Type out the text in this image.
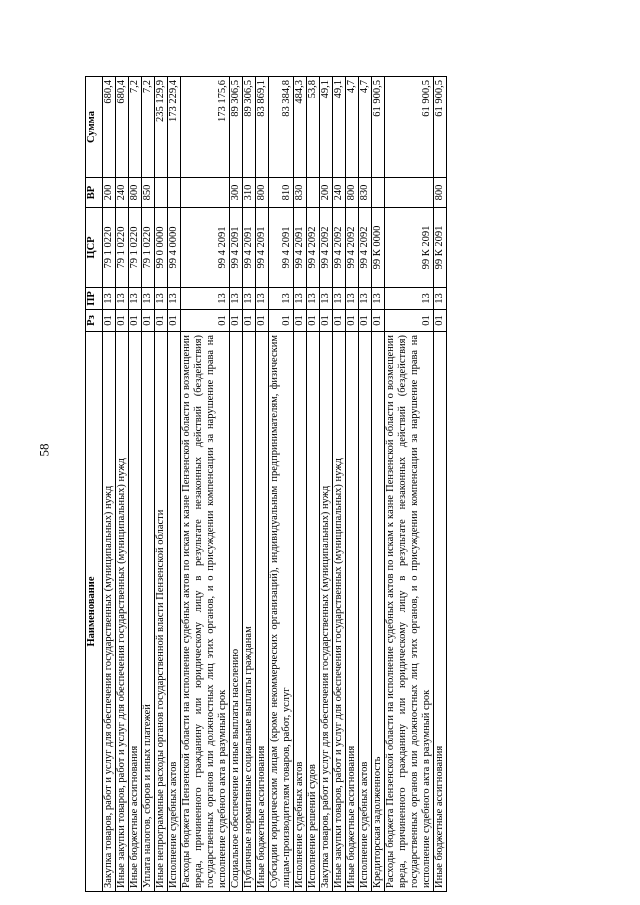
58
Наименование	Рз	ПР	ЦСР	ВР	Сумма
Закупка товаров, работ и услуг для обеспечения государственных (муниципальных) нужд	01	13	79 1 0220	200	680,4
Иные закупки товаров, работ и услуг для обеспечения государственных (муниципальных) нужд	01	13	79 1 0220	240	680,4
Иные бюджетные ассигнования	01	13	79 1 0220	800	7,2
Уплата налогов, сборов и иных платежей	01	13	79 1 0220	850	7,2
Иные непрограммные расходы органов государственной власти Пензенской области	01	13	99 0 0000		235 129,9
Исполнение судебных актов	01	13	99 4 0000		173 229,4
Расходы бюджета Пензенской области на исполнение судебных актов по искам к казне Пензенской области о возмещении вреда, причиненного гражданину или юридическому лицу в результате незаконных действий (бездействия) государственных органов или должностных лиц этих органов, и о присуждении компенсации за нарушение права на исполнение судебного акта в разумный срок	01	13	99 4 2091		173 175,6
Социальное обеспечение и иные выплаты населению	01	13	99 4 2091	300	89 306,5
Публичные нормативные социальные выплаты гражданам	01	13	99 4 2091	310	89 306,5
Иные бюджетные ассигнования	01	13	99 4 2091	800	83 869,1
Субсидии юридическим лицам (кроме некоммерческих организаций), индивидуальным предпринимателям, физическим лицам-производителям товаров, работ, услуг	01	13	99 4 2091	810	83 384,8
Исполнение судебных актов	01	13	99 4 2091	830	484,3
Исполнение решений судов	01	13	99 4 2092		53,8
Закупка товаров, работ и услуг для обеспечения государственных (муниципальных) нужд	01	13	99 4 2092	200	49,1
Иные закупки товаров, работ и услуг для обеспечения государственных (муниципальных) нужд	01	13	99 4 2092	240	49,1
Иные бюджетные ассигнования	01	13	99 4 2092	800	4,7
Исполнение судебных актов	01	13	99 4 2092	830	4,7
Кредиторская задолженность	01	13	99 К 0000		61 900,5
Расходы бюджета Пензенской области на исполнение судебных актов по искам к казне Пензенской области о возмещении вреда, причиненного гражданину или юридическому лицу в результате незаконных действий (бездействия) государственных органов или должностных лиц этих органов, и о присуждении компенсации за нарушение права на исполнение судебного акта в разумный срок	01	13	99 К 2091		61 900,5
Иные бюджетные ассигнования	01	13	99 К 2091	800	61 900,5
